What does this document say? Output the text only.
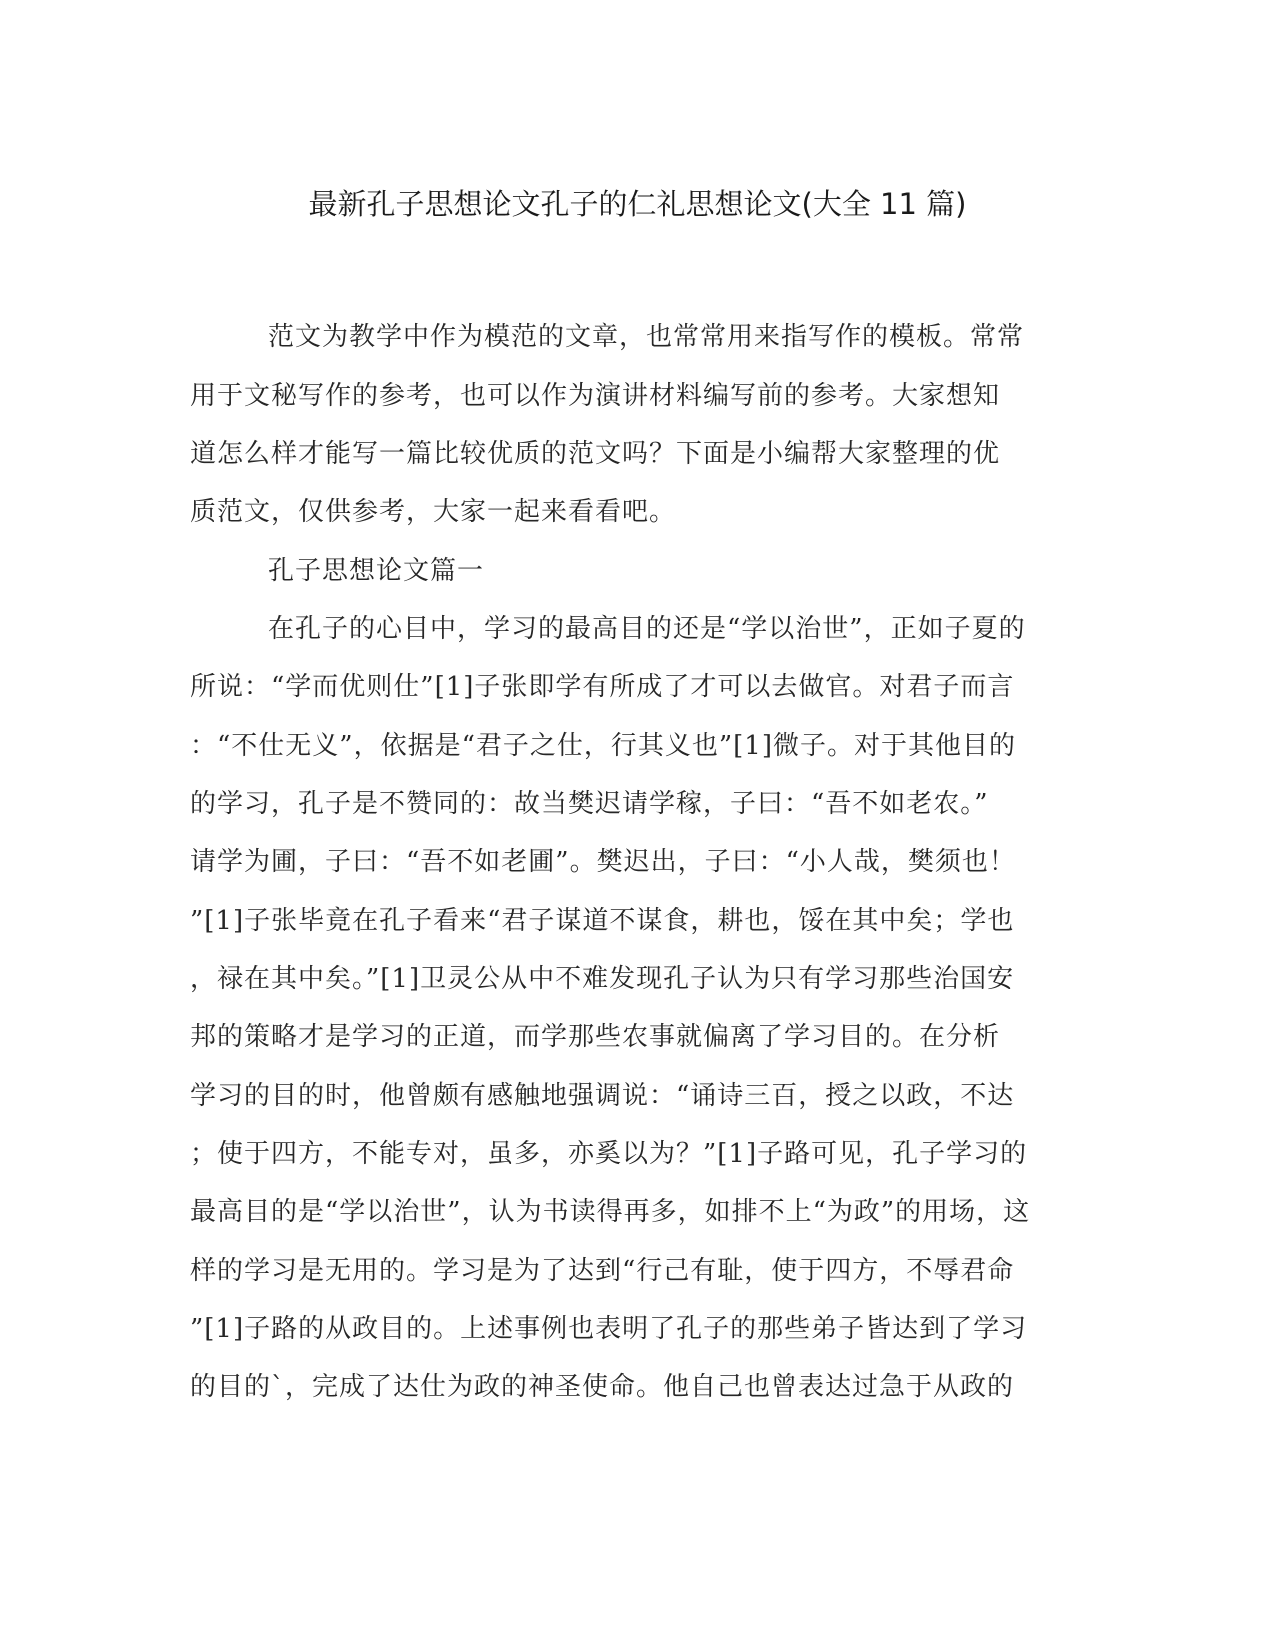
最新孔子思想论文孔子的仁礼思想论文(大全 11 篇)
范文为教学中作为模范的文章，也常常用来指写作的模板。常常
用于文秘写作的参考，也可以作为演讲材料编写前的参考。大家想知
道怎么样才能写一篇比较优质的范文吗？下面是小编帮大家整理的优
质范文，仅供参考，大家一起来看看吧。
孔子思想论文篇一
在孔子的心目中，学习的最高目的还是“学以治世”，正如子夏的
所说：“学而优则仕”[1]子张即学有所成了才可以去做官。对君子而言
：“不仕无义”，依据是“君子之仕，行其义也”[1]微子。对于其他目的
的学习，孔子是不赞同的：故当樊迟请学稼，子曰：“吾不如老农。”
请学为圃，子曰：“吾不如老圃”。樊迟出，子曰：“小人哉，樊须也！
”[1]子张毕竟在孔子看来“君子谋道不谋食，耕也，馁在其中矣；学也
，禄在其中矣。”[1]卫灵公从中不难发现孔子认为只有学习那些治国安
邦的策略才是学习的正道，而学那些农事就偏离了学习目的。在分析
学习的目的时，他曾颇有感触地强调说：“诵诗三百，授之以政，不达
；使于四方，不能专对，虽多，亦奚以为？”[1]子路可见，孔子学习的
最高目的是“学以治世”，认为书读得再多，如排不上“为政”的用场，这
样的学习是无用的。学习是为了达到“行己有耻，使于四方，不辱君命
”[1]子路的从政目的。上述事例也表明了孔子的那些弟子皆达到了学习
的目的`，完成了达仕为政的神圣使命。他自己也曾表达过急于从政的
